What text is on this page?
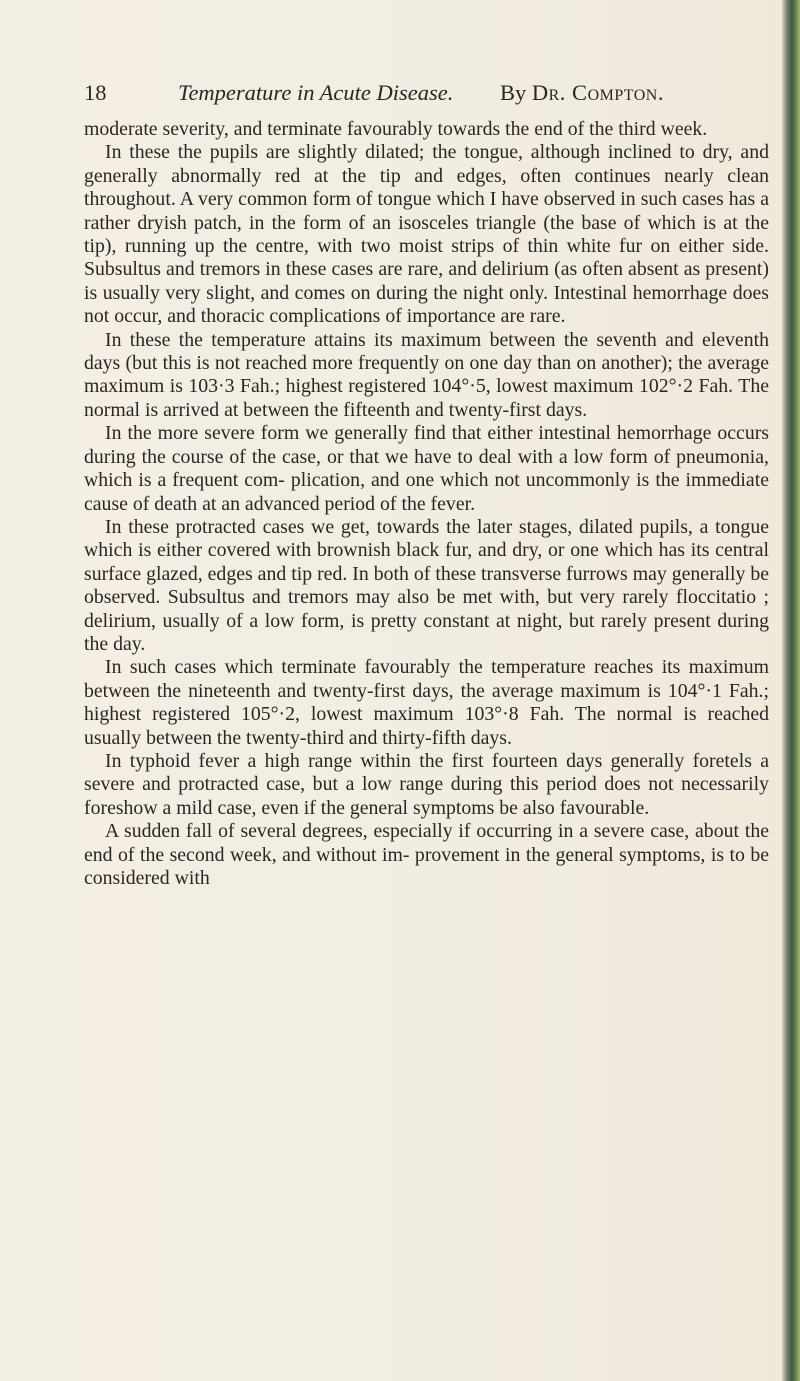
18	Temperature in Acute Disease. By Dr. Compton.

moderate severity, and terminate favourably towards the end of the third week.

In these the pupils are slightly dilated; the tongue, although inclined to dry, and generally abnormally red at the tip and edges, often continues nearly clean throughout. A very common form of tongue which I have observed in such cases has a rather dryish patch, in the form of an isosceles triangle (the base of which is at the tip), running up the centre, with two moist strips of thin white fur on either side. Subsultus and tremors in these cases are rare, and delirium (as often absent as present) is usually very slight, and comes on during the night only. Intestinal hemorrhage does not occur, and thoracic complications of importance are rare.

In these the temperature attains its maximum between the seventh and eleventh days (but this is not reached more frequently on one day than on another); the average maximum is 103·3 Fah.; highest registered 104°·5, lowest maximum 102°·2 Fah. The normal is arrived at between the fifteenth and twenty-first days.

In the more severe form we generally find that either intestinal hemorrhage occurs during the course of the case, or that we have to deal with a low form of pneumonia, which is a frequent com- plication, and one which not uncommonly is the immediate cause of death at an advanced period of the fever.

In these protracted cases we get, towards the later stages, dilated pupils, a tongue which is either covered with brownish black fur, and dry, or one which has its central surface glazed, edges and tip red. In both of these transverse furrows may generally be observed. Subsultus and tremors may also be met with, but very rarely floccitatio ; delirium, usually of a low form, is pretty constant at night, but rarely present during the day.

In such cases which terminate favourably the temperature reaches its maximum between the nineteenth and twenty-first days, the average maximum is 104°·1 Fah.; highest registered 105°·2, lowest maximum 103°·8 Fah. The normal is reached usually between the twenty-third and thirty-fifth days.

In typhoid fever a high range within the first fourteen days generally foretels a severe and protracted case, but a low range during this period does not necessarily foreshow a mild case, even if the general symptoms be also favourable.

A sudden fall of several degrees, especially if occurring in a severe case, about the end of the second week, and without im- provement in the general symptoms, is to be considered with
